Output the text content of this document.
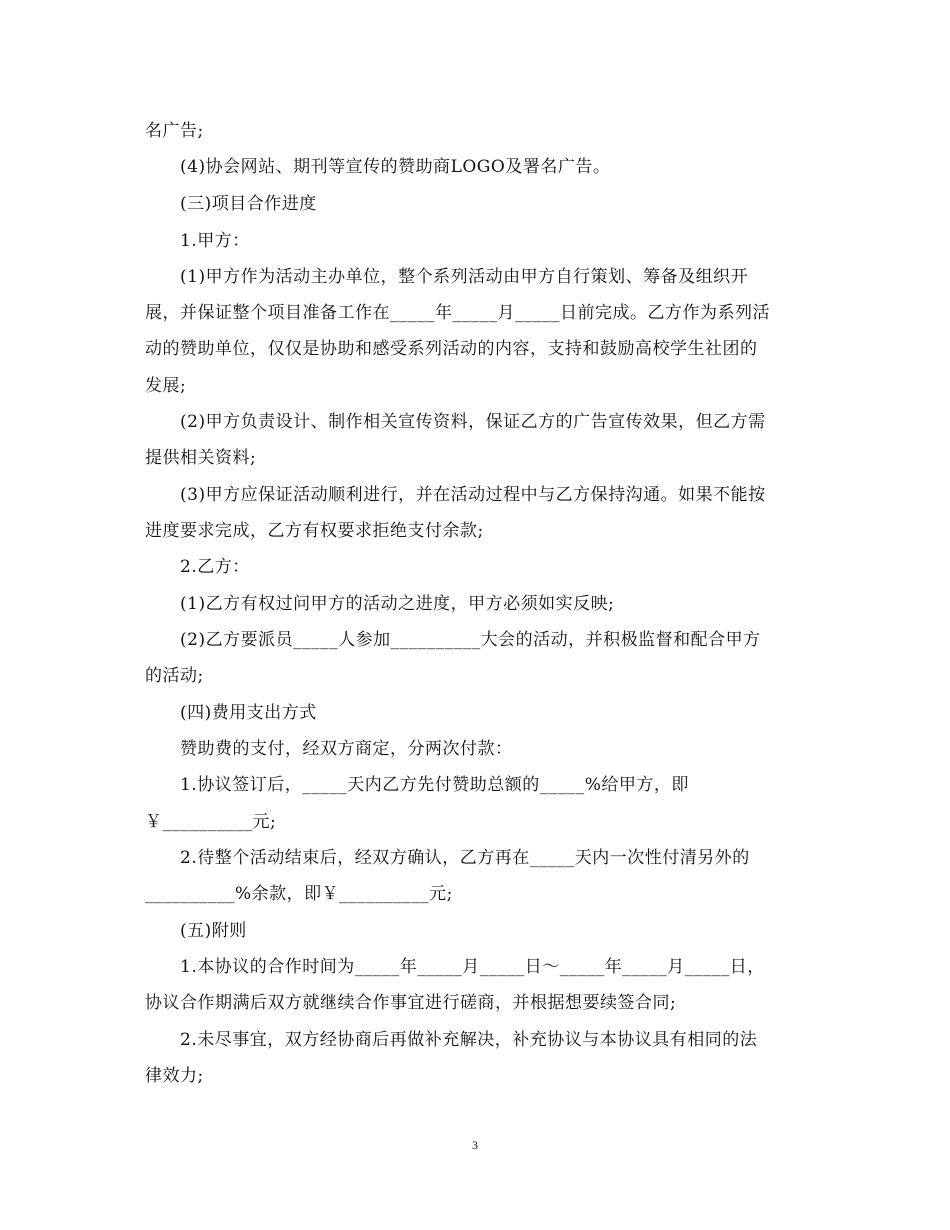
名广告;
(4)协会网站、期刊等宣传的赞助商LOGO及署名广告。
(三)项目合作进度
1.甲方：
(1)甲方作为活动主办单位，整个系列活动由甲方自行策划、筹备及组织开
展，并保证整个项目准备工作在_____年_____月_____日前完成。乙方作为系列活
动的赞助单位，仅仅是协助和感受系列活动的内容，支持和鼓励高校学生社团的
发展;
(2)甲方负责设计、制作相关宣传资料，保证乙方的广告宣传效果，但乙方需
提供相关资料;
(3)甲方应保证活动顺利进行，并在活动过程中与乙方保持沟通。如果不能按
进度要求完成，乙方有权要求拒绝支付余款;
2.乙方：
(1)乙方有权过问甲方的活动之进度，甲方必须如实反映;
(2)乙方要派员_____人参加__________大会的活动，并积极监督和配合甲方
的活动;
(四)费用支出方式
赞助费的支付，经双方商定，分两次付款：
1.协议签订后，_____天内乙方先付赞助总额的_____%给甲方，即
￥__________元;
2.待整个活动结束后，经双方确认，乙方再在_____天内一次性付清另外的
__________%余款，即￥__________元;
(五)附则
1.本协议的合作时间为_____年_____月_____日～_____年_____月_____日，
协议合作期满后双方就继续合作事宜进行磋商，并根据想要续签合同;
2.未尽事宜，双方经协商后再做补充解决，补充协议与本协议具有相同的法
律效力;
3
